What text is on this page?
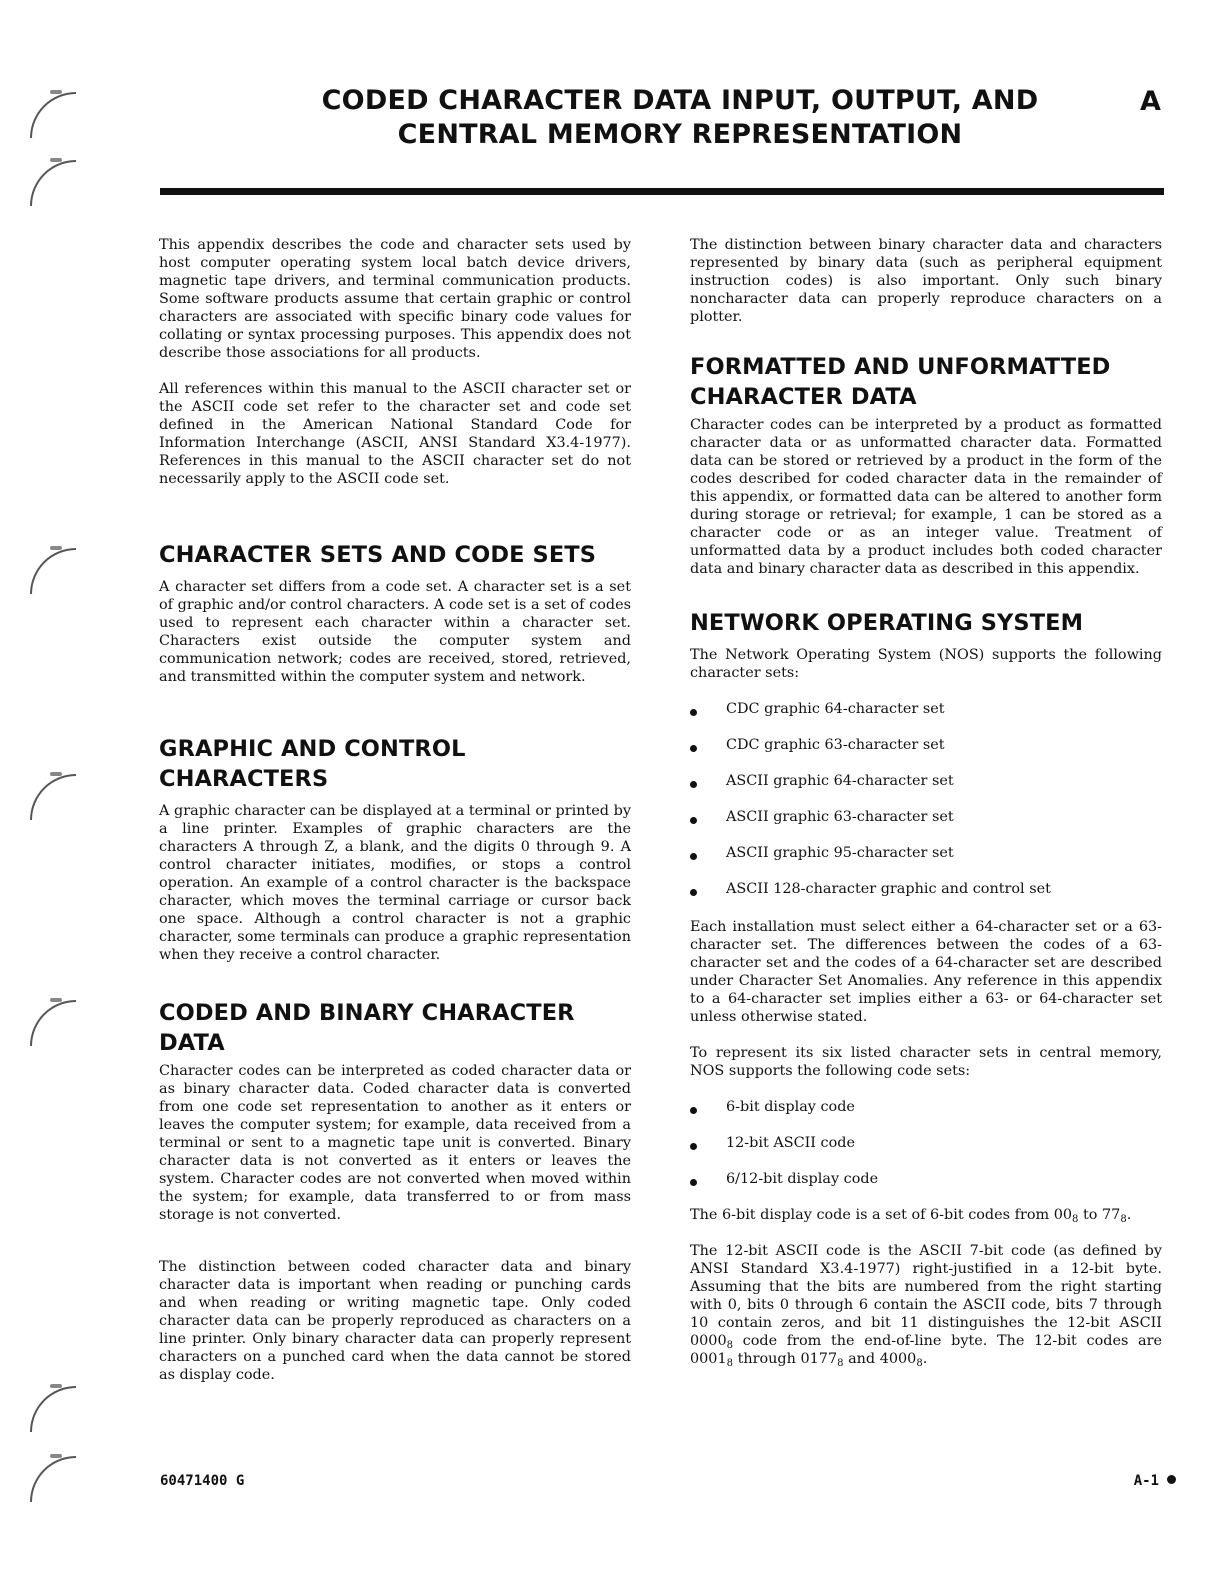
CODED CHARACTER DATA INPUT, OUTPUT, AND
CENTRAL MEMORY REPRESENTATION
A

This appendix describes the code and character sets used by host computer operating system local batch device drivers, magnetic tape drivers, and terminal communication products. Some software products assume that certain graphic or control characters are associated with specific binary code values for collating or syntax processing purposes. This appendix does not describe those associations for all products.

All references within this manual to the ASCII character set or the ASCII code set refer to the character set and code set defined in the American National Standard Code for Information Interchange (ASCII, ANSI Standard X3.4-1977). References in this manual to the ASCII character set do not necessarily apply to the ASCII code set.

CHARACTER SETS AND CODE SETS

A character set differs from a code set. A character set is a set of graphic and/or control characters. A code set is a set of codes used to represent each character within a character set. Characters exist outside the computer system and communication network; codes are received, stored, retrieved, and transmitted within the computer system and network.

GRAPHIC AND CONTROL CHARACTERS

A graphic character can be displayed at a terminal or printed by a line printer. Examples of graphic characters are the characters A through Z, a blank, and the digits 0 through 9. A control character initiates, modifies, or stops a control operation. An example of a control character is the backspace character, which moves the terminal carriage or cursor back one space. Although a control character is not a graphic character, some terminals can produce a graphic representation when they receive a control character.

CODED AND BINARY CHARACTER
DATA

Character codes can be interpreted as coded character data or as binary character data. Coded character data is converted from one code set representation to another as it enters or leaves the computer system; for example, data received from a terminal or sent to a magnetic tape unit is converted. Binary character data is not converted as it enters or leaves the system. Character codes are not converted when moved within the system; for example, data transferred to or from mass storage is not converted.

The distinction between coded character data and binary character data is important when reading or punching cards and when reading or writing magnetic tape. Only coded character data can be properly reproduced as characters on a line printer. Only binary character data can properly represent characters on a punched card when the data cannot be stored as display code.

The distinction between binary character data and characters represented by binary data (such as peripheral equipment instruction codes) is also important. Only such binary noncharacter data can properly reproduce characters on a plotter.

FORMATTED AND UNFORMATTED
CHARACTER DATA

Character codes can be interpreted by a product as formatted character data or as unformatted character data. Formatted data can be stored or retrieved by a product in the form of the codes described for coded character data in the remainder of this appendix, or formatted data can be altered to another form during storage or retrieval; for example, 1 can be stored as a character code or as an integer value. Treatment of unformatted data by a product includes both coded character data and binary character data as described in this appendix.

NETWORK OPERATING SYSTEM

The Network Operating System (NOS) supports the following character sets:

CDC graphic 64-character set
CDC graphic 63-character set
ASCII graphic 64-character set
ASCII graphic 63-character set
ASCII graphic 95-character set
ASCII 128-character graphic and control set

Each installation must select either a 64-character set or a 63-character set. The differences between the codes of a 63-character set and the codes of a 64-character set are described under Character Set Anomalies. Any reference in this appendix to a 64-character set implies either a 63- or 64-character set unless otherwise stated.

To represent its six listed character sets in central memory, NOS supports the following code sets:

6-bit display code
12-bit ASCII code
6/12-bit display code

The 6-bit display code is a set of 6-bit codes from $00_8$ to $77_8$.

The 12-bit ASCII code is the ASCII 7-bit code (as defined by ANSI Standard X3.4-1977) right-justified in a 12-bit byte. Assuming that the bits are numbered from the right starting with 0, bits 0 through 6 contain the ASCII code, bits 7 through 10 contain zeros, and bit 11 distinguishes the 12-bit ASCII $0000_8$ code from the end-of-line byte. The 12-bit codes are $0001_8$ through $0177_8$ and $4000_8$.

60471400 G	A-1
